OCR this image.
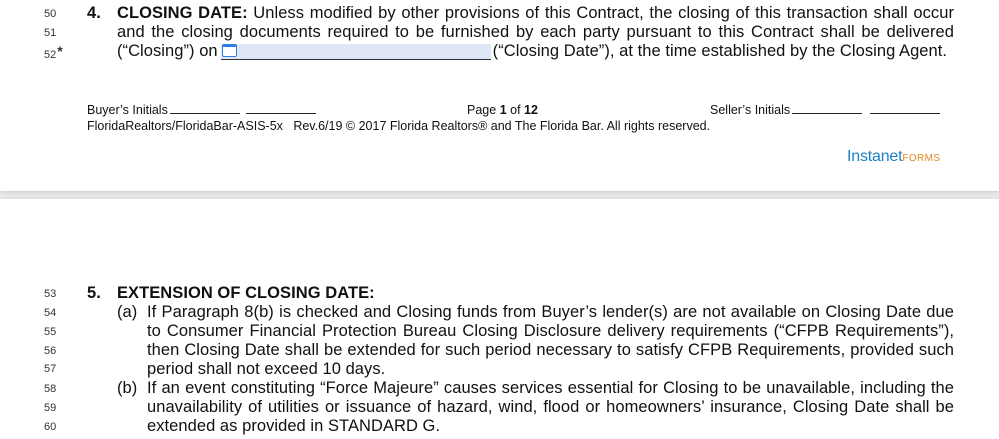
50
51
52*
4. CLOSING DATE: Unless modified by other provisions of this Contract, the closing of this transaction shall occur
and the closing documents required to be furnished by each party pursuant to this Contract shall be delivered
(“Closing”) on	(“Closing Date”), at the time established by the Closing Agent.
Buyer’s Initials	Page 1 of 12	Seller’s Initials
FloridaRealtors/FloridaBar-ASIS-5x Rev.6/19 © 2017 Florida Realtors® and The Florida Bar. All rights reserved.
InstanetFORMS
53
54
55
56
57
58
59
60
5. EXTENSION OF CLOSING DATE:
(a) If Paragraph 8(b) is checked and Closing funds from Buyer’s lender(s) are not available on Closing Date due
to Consumer Financial Protection Bureau Closing Disclosure delivery requirements (“CFPB Requirements”),
then Closing Date shall be extended for such period necessary to satisfy CFPB Requirements, provided such
period shall not exceed 10 days.
(b) If an event constituting “Force Majeure” causes services essential for Closing to be unavailable, including the
unavailability of utilities or issuance of hazard, wind, flood or homeowners’ insurance, Closing Date shall be
extended as provided in STANDARD G.
